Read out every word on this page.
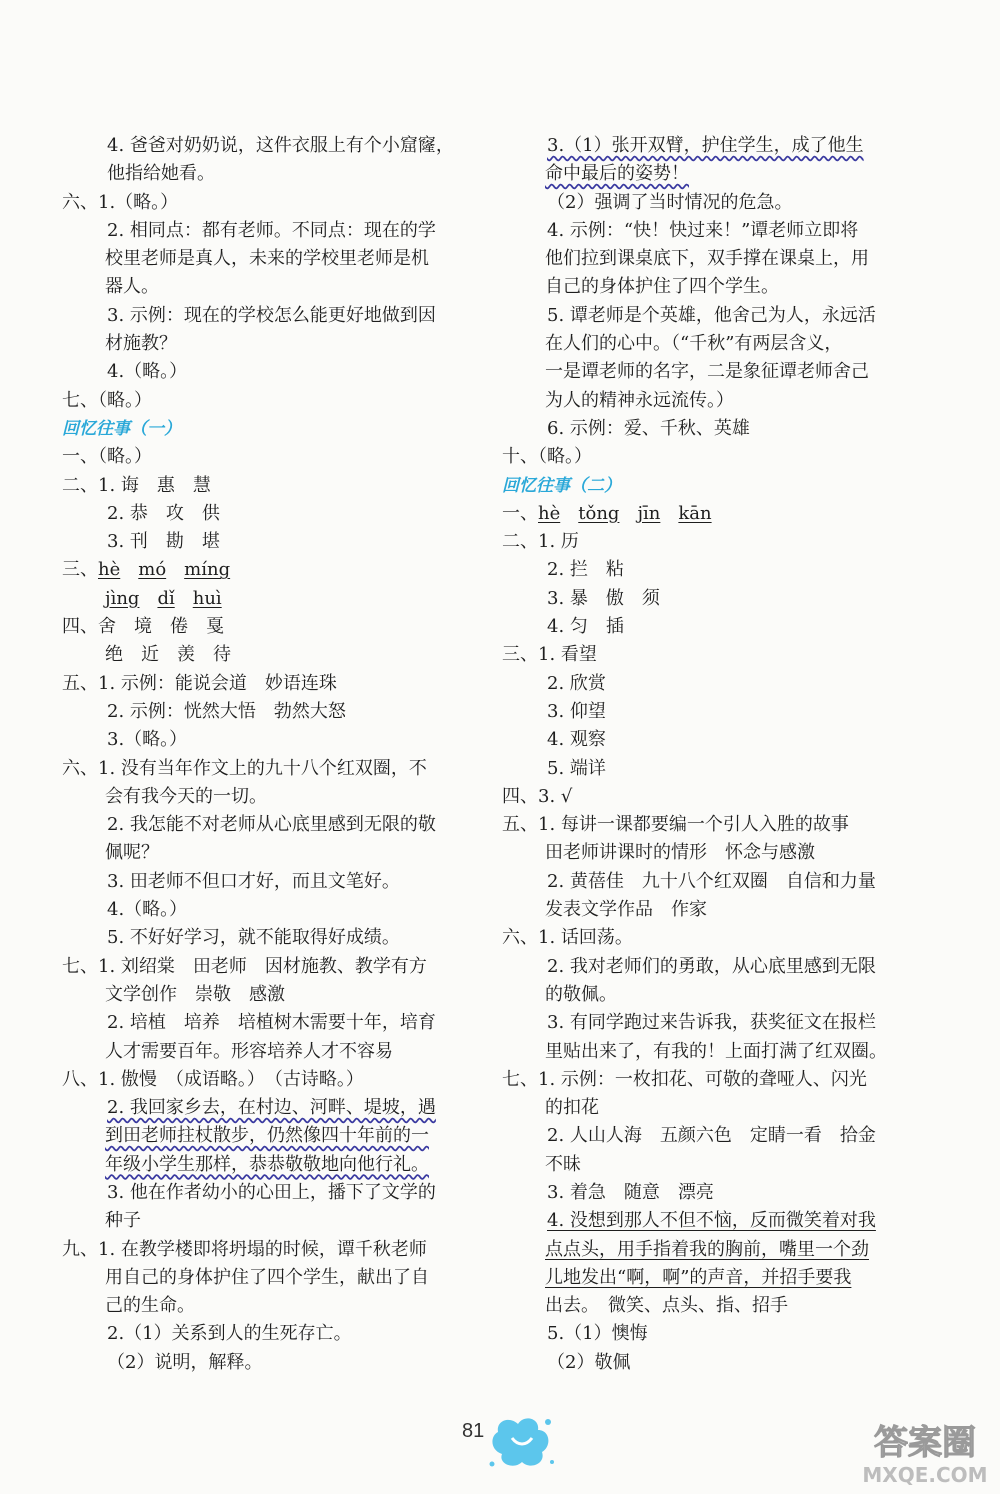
4. 爸爸对奶奶说，这件衣服上有个小窟窿，
他指给她看。
六、1.（略。）
2. 相同点：都有老师。不同点：现在的学
校里老师是真人，未来的学校里老师是机
器人。
3. 示例：现在的学校怎么能更好地做到因
材施教？
4.（略。）
七、（略。）
回忆往事（一）
一、（略。）
二、1. 诲　惠　慧
2. 恭　攻　供
3. 刊　勘　堪
三、hè mó míng
jìng dǐ huì
四、舍　境　倦　戛
绝　近　羡　待
五、1. 示例：能说会道　妙语连珠
2. 示例：恍然大悟　勃然大怒
3.（略。）
六、1. 没有当年作文上的九十八个红双圈，不
会有我今天的一切。
2. 我怎能不对老师从心底里感到无限的敬
佩呢？
3. 田老师不但口才好，而且文笔好。
4.（略。）
5. 不好好学习，就不能取得好成绩。
七、1. 刘绍棠　田老师　因材施教、教学有方
文学创作　崇敬　感激
2. 培植　培养　培植树木需要十年，培育
人才需要百年。形容培养人才不容易
八、1. 傲慢　（成语略。）　（古诗略。）
2. 我回家乡去，在村边、河畔、堤坡，遇
到田老师拄杖散步，仍然像四十年前的一
年级小学生那样，恭恭敬敬地向他行礼。
3. 他在作者幼小的心田上，播下了文学的
种子
九、1. 在教学楼即将坍塌的时候，谭千秋老师
用自己的身体护住了四个学生，献出了自
己的生命。
2.（1）关系到人的生死存亡。
（2）说明，解释。
3.（1）张开双臂，护住学生，成了他生
命中最后的姿势！
（2）强调了当时情况的危急。
4. 示例：“快！快过来！”谭老师立即将
他们拉到课桌底下，双手撑在课桌上，用
自己的身体护住了四个学生。
5. 谭老师是个英雄，他舍己为人，永远活
在人们的心中。（“千秋”有两层含义，
一是谭老师的名字，二是象征谭老师舍己
为人的精神永远流传。）
6. 示例：爱、千秋、英雄
十、（略。）
回忆往事（二）
一、hè tǒng jīn kān
二、1. 历
2. 拦　粘
3. 暴　傲　须
4. 匀　插
三、1. 看望
2. 欣赏
3. 仰望
4. 观察
5. 端详
四、3. √
五、1. 每讲一课都要编一个引人入胜的故事
田老师讲课时的情形　怀念与感激
2. 黄蓓佳　九十八个红双圈　自信和力量
发表文学作品　作家
六、1. 话回荡。
2. 我对老师们的勇敢，从心底里感到无限
的敬佩。
3. 有同学跑过来告诉我，获奖征文在报栏
里贴出来了，有我的！上面打满了红双圈。
七、1. 示例：一枚扣花、可敬的聋哑人、闪光
的扣花
2. 人山人海　五颜六色　定睛一看　拾金
不昧
3. 着急　随意　漂亮
4. 没想到那人不但不恼，反而微笑着对我
点点头，用手指着我的胸前，嘴里一个劲
儿地发出“啊，啊”的声音，并招手要我
出去。　微笑、点头、指、招手
5.（1）懊悔
（2）敬佩
81	答案圈
MXQE.COM
